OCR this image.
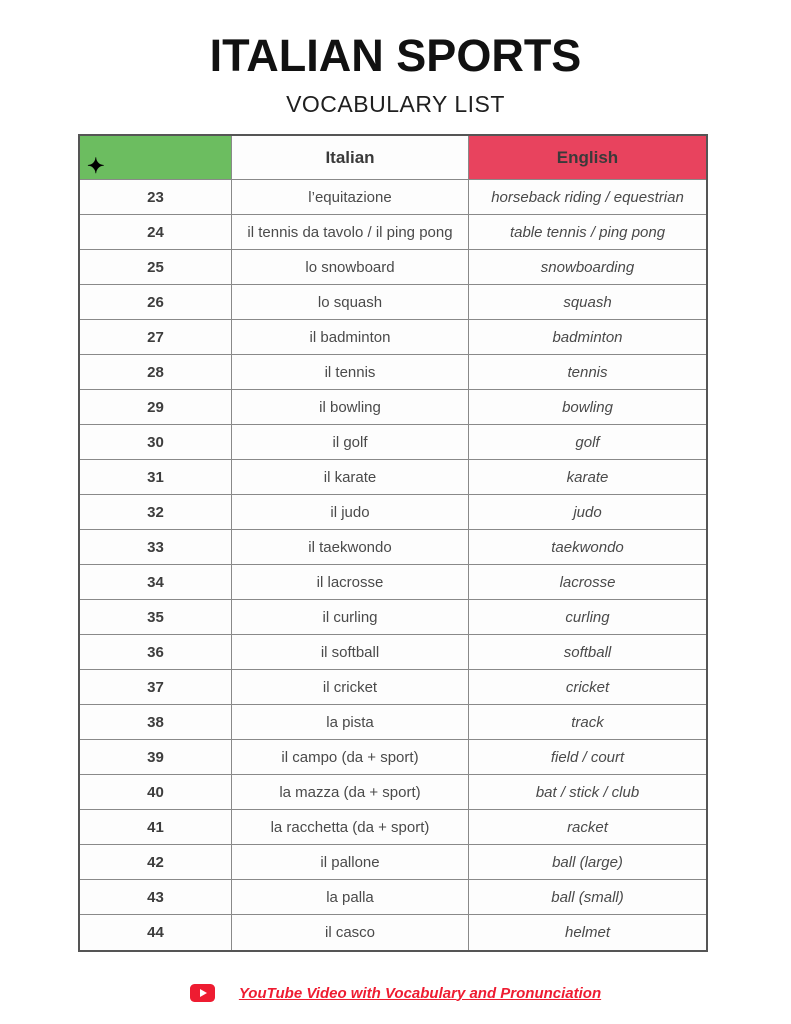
ITALIAN SPORTS
VOCABULARY LIST
✦	Italian	English
23	l’equitazione	horseback riding / equestrian
24	il tennis da tavolo / il ping pong	table tennis / ping pong
25	lo snowboard	snowboarding
26	lo squash	squash
27	il badminton	badminton
28	il tennis	tennis
29	il bowling	bowling
30	il golf	golf
31	il karate	karate
32	il judo	judo
33	il taekwondo	taekwondo
34	il lacrosse	lacrosse
35	il curling	curling
36	il softball	softball
37	il cricket	cricket
38	la pista	track
39	il campo (da + sport)	field / court
40	la mazza (da + sport)	bat / stick / club
41	la racchetta (da + sport)	racket
42	il pallone	ball (large)
43	la palla	ball (small)
44	il casco	helmet
YouTube Video with Vocabulary and Pronunciation
